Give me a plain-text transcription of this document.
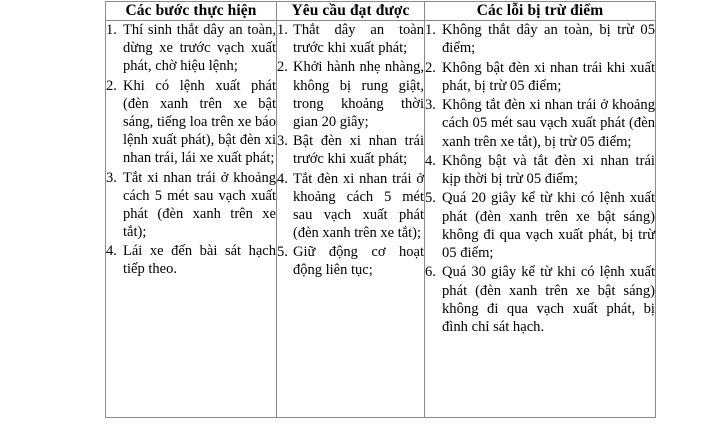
Các bước thực hiện	Yêu cầu đạt được	Các lỗi bị trừ điểm

1. Thí sinh thắt dây an toàn, dừng xe trước vạch xuất phát, chờ hiệu lệnh;
2. Khi có lệnh xuất phát (đèn xanh trên xe bật sáng, tiếng loa trên xe báo lệnh xuất phát), bật đèn xi nhan trái, lái xe xuất phát;
3. Tắt xi nhan trái ở khoảng cách 5 mét sau vạch xuất phát (đèn xanh trên xe tắt);
4. Lái xe đến bài sát hạch tiếp theo.

1. Thắt dây an toàn trước khi xuất phát;
2. Khởi hành nhẹ nhàng, không bị rung giật, trong khoảng thời gian 20 giây;
3. Bật đèn xi nhan trái trước khi xuất phát;
4. Tắt đèn xi nhan trái ở khoảng cách 5 mét sau vạch xuất phát (đèn xanh trên xe tắt);
5. Giữ động cơ hoạt động liên tục;

1. Không thắt dây an toàn, bị trừ 05 điểm;
2. Không bật đèn xi nhan trái khi xuất phát, bị trừ 05 điểm;
3. Không tắt đèn xi nhan trái ở khoảng cách 05 mét sau vạch xuất phát (đèn xanh trên xe tắt), bị trừ 05 điểm;
4. Không bật và tắt đèn xi nhan trái kịp thời bị trừ 05 điểm;
5. Quá 20 giây kể từ khi có lệnh xuất phát (đèn xanh trên xe bật sáng) không đi qua vạch xuất phát, bị trừ 05 điểm;
6. Quá 30 giây kể từ khi có lệnh xuất phát (đèn xanh trên xe bật sáng) không đi qua vạch xuất phát, bị đình chỉ sát hạch.
